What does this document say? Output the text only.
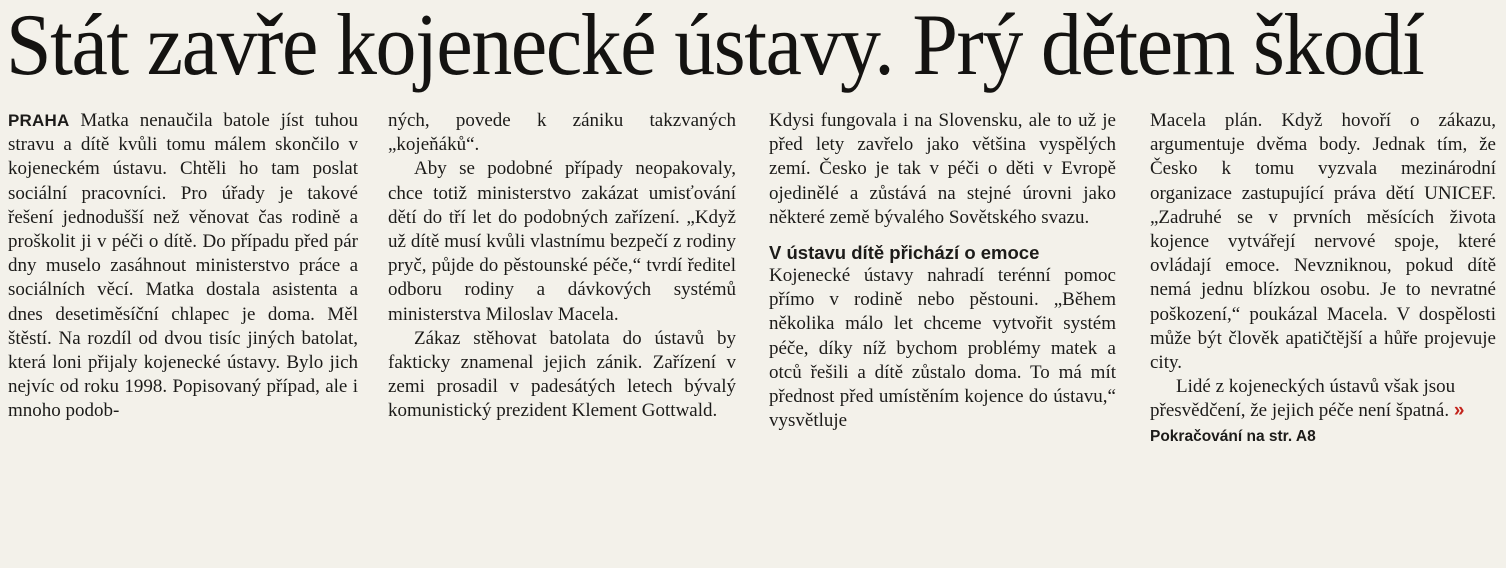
Stát zavře kojenecké ústavy. Prý dětem škodí

PRAHA Matka nenaučila batole jíst tuhou stravu a dítě kvůli tomu málem skončilo v kojeneckém ústavu. Chtěli ho tam poslat sociální pracovníci. Pro úřady je takové řešení jednodušší než věnovat čas rodině a proškolit ji v péči o dítě. Do případu před pár dny muselo zasáhnout ministerstvo práce a sociálních věcí. Matka dostala asistenta a dnes desetiměsíční chlapec je doma. Měl štěstí. Na rozdíl od dvou tisíc jiných batolat, která loni přijaly kojenecké ústavy. Bylo jich nejvíc od roku 1998. Popisovaný případ, ale i mnoho podob-

ných, povede k zániku takzvaných „kojeňáků“.

Aby se podobné případy neopakovaly, chce totiž ministerstvo zakázat umisťování dětí do tří let do podobných zařízení. „Když už dítě musí kvůli vlastnímu bezpečí z rodiny pryč, půjde do pěstounské péče,“ tvrdí ředitel odboru rodiny a dávkových systémů ministerstva Miloslav Macela.

Zákaz stěhovat batolata do ústavů by fakticky znamenal jejich zánik. Zařízení v zemi prosadil v padesátých letech bývalý komunistický prezident Klement Gottwald.

Kdysi fungovala i na Slovensku, ale to už je před lety zavřelo jako většina vyspělých zemí. Česko je tak v péči o děti v Evropě ojedinělé a zůstává na stejné úrovni jako některé země bývalého Sovětského svazu.

V ústavu dítě přichází o emoce

Kojenecké ústavy nahradí terénní pomoc přímo v rodině nebo pěstouni. „Během několika málo let chceme vytvořit systém péče, díky níž bychom problémy matek a otců řešili a dítě zůstalo doma. To má mít přednost před umístěním kojence do ústavu,“ vysvětluje

Macela plán. Když hovoří o zákazu, argumentuje dvěma body. Jednak tím, že Česko k tomu vyzvala mezinárodní organizace zastupující práva dětí UNICEF. „Zadruhé se v prvních měsících života kojence vytvářejí nervové spoje, které ovládají emoce. Nevzniknou, pokud dítě nemá jednu blízkou osobu. Je to nevratné poškození,“ poukázal Macela. V dospělosti může být člověk apatičtější a hůře projevuje city.

Lidé z kojeneckých ústavů však jsou přesvědčení, že jejich péče není špatná. » Pokračování na str. A8
